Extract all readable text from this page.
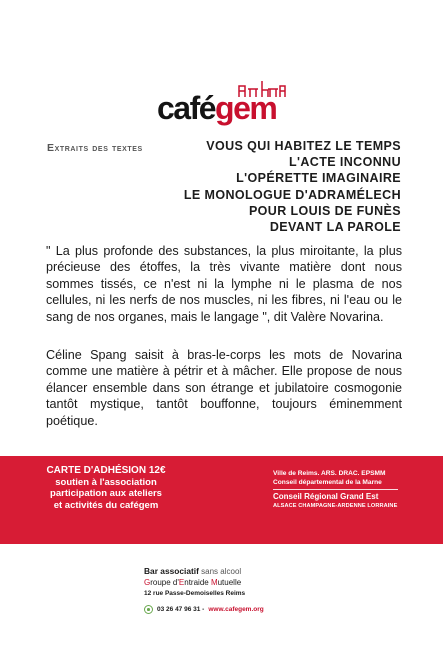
cafégem
Extraits des textes	VOUS QUI HABITEZ LE TEMPS
L'ACTE INCONNU
L'OPÉRETTE IMAGINAIRE
LE MONOLOGUE D'ADRAMÉLECH
POUR LOUIS DE FUNÈS
DEVANT LA PAROLE

" La plus profonde des substances, la plus miroitante, la plus précieuse des étoffes, la très vivante matière dont nous sommes tissés, ce n'est ni la lymphe ni le plasma de nos cellules, ni les nerfs de nos muscles, ni les fibres, ni l'eau ou le sang de nos organes, mais le langage ", dit Valère Novarina.

Céline Spang saisit à bras-le-corps les mots de Novarina comme une matière à pétrir et à mâcher. Elle propose de nous élancer ensemble dans son étrange et jubilatoire cosmogonie tantôt mystique, tantôt bouffonne, toujours éminemment poétique.

CARTE D'ADHÉSION 12€
soutien à l'association
participation aux ateliers
et activités du cafégem
Ville de Reims. ARS. DRAC. EPSMM
Conseil départemental de la Marne
Conseil Régional Grand Est
ALSACE CHAMPAGNE-ARDENNE LORRAINE
Bar associatif sans alcool
Groupe d'Entraide Mutuelle
12 rue Passe-Demoiselles Reims
03 26 47 96 31 - www.cafegem.org
